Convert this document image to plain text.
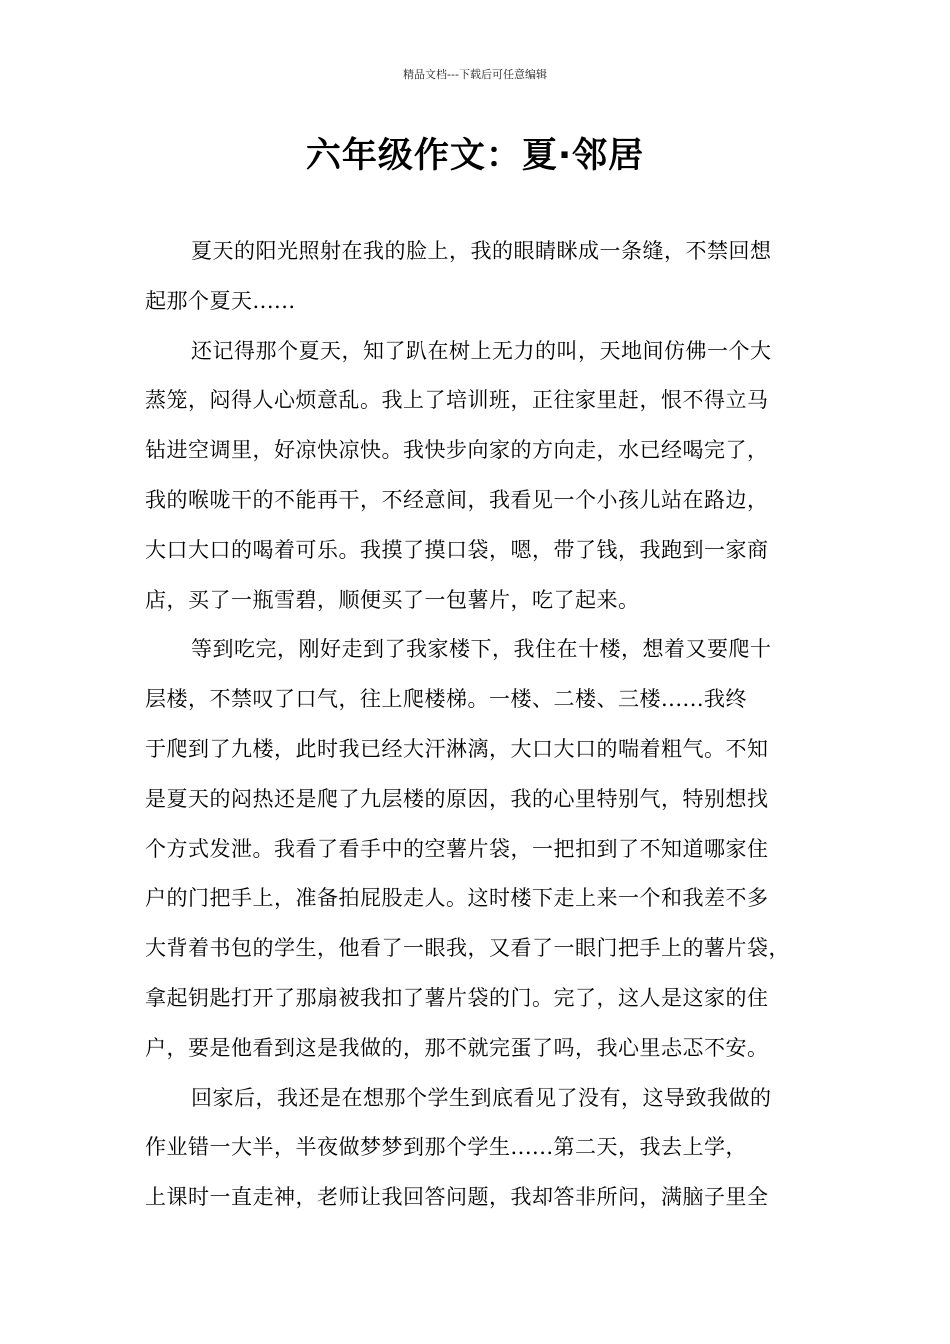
精品文档---下载后可任意编辑
六年级作文：夏·邻居
夏天的阳光照射在我的脸上，我的眼睛眯成一条缝，不禁回想
起那个夏天......
还记得那个夏天，知了趴在树上无力的叫，天地间仿佛一个大
蒸笼，闷得人心烦意乱。我上了培训班，正往家里赶，恨不得立马
钻进空调里，好凉快凉快。我快步向家的方向走，水已经喝完了，
我的喉咙干的不能再干，不经意间，我看见一个小孩儿站在路边，
大口大口的喝着可乐。我摸了摸口袋，嗯，带了钱，我跑到一家商
店，买了一瓶雪碧，顺便买了一包薯片，吃了起来。
等到吃完，刚好走到了我家楼下，我住在十楼，想着又要爬十
层楼，不禁叹了口气，往上爬楼梯。一楼、二楼、三楼......我终
于爬到了九楼，此时我已经大汗淋漓，大口大口的喘着粗气。不知
是夏天的闷热还是爬了九层楼的原因，我的心里特别气，特别想找
个方式发泄。我看了看手中的空薯片袋，一把扣到了不知道哪家住
户的门把手上，准备拍屁股走人。这时楼下走上来一个和我差不多
大背着书包的学生，他看了一眼我，又看了一眼门把手上的薯片袋，
拿起钥匙打开了那扇被我扣了薯片袋的门。完了，这人是这家的住
户，要是他看到这是我做的，那不就完蛋了吗，我心里忐忑不安。
回家后，我还是在想那个学生到底看见了没有，这导致我做的
作业错一大半，半夜做梦梦到那个学生......第二天，我去上学，
上课时一直走神，老师让我回答问题，我却答非所问，满脑子里全
